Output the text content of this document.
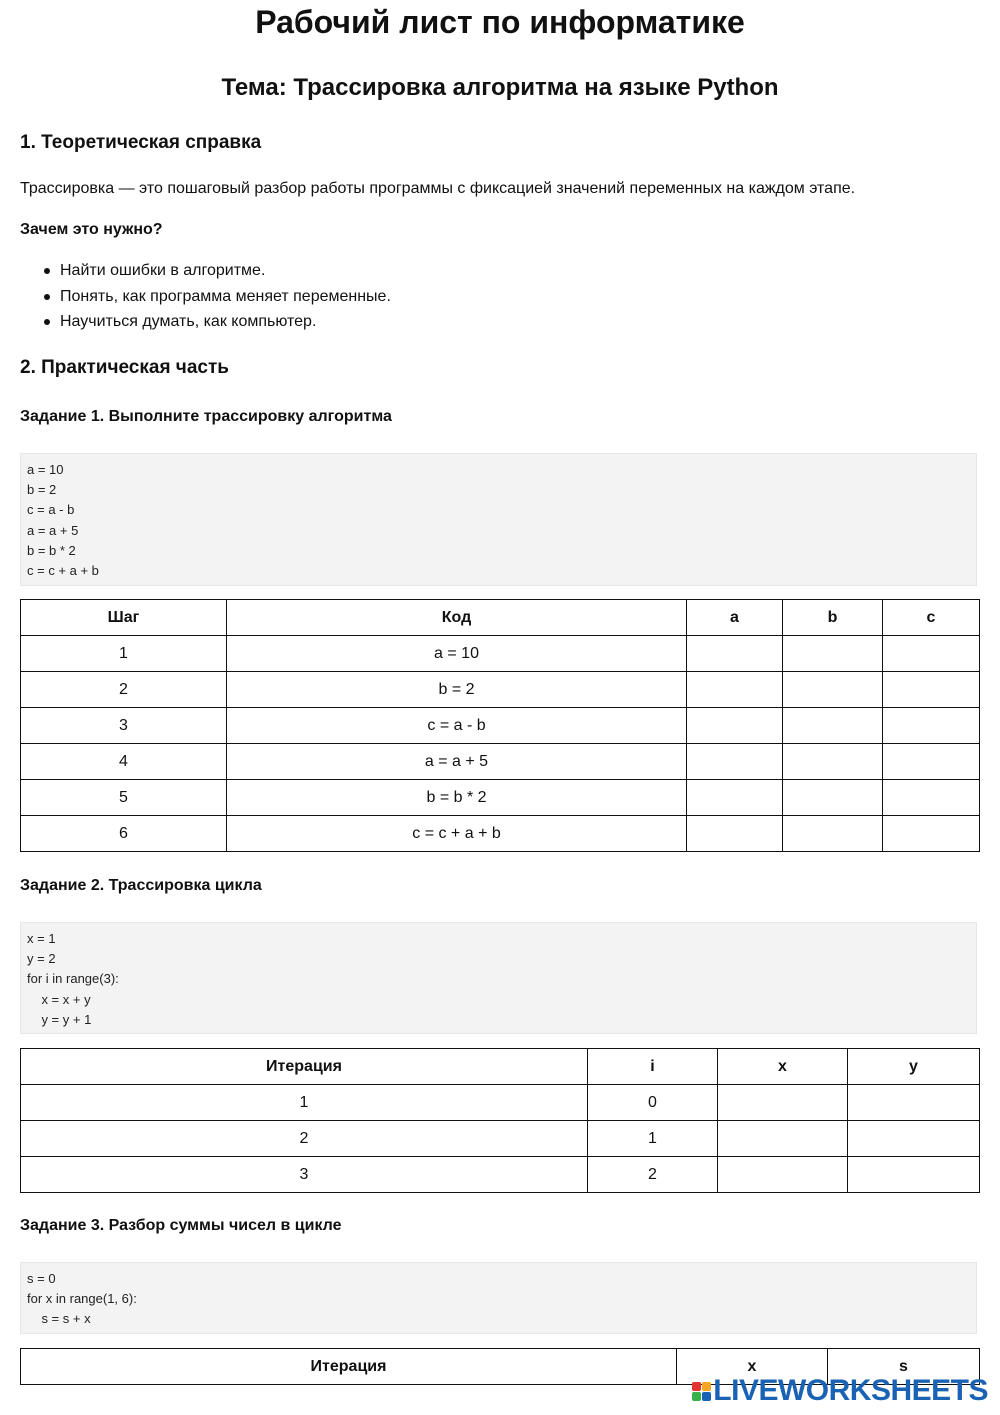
Рабочий лист по информатике
Тема: Трассировка алгоритма на языке Python
1. Теоретическая справка
Трассировка — это пошаговый разбор работы программы с фиксацией значений переменных на каждом этапе.
Зачем это нужно?
Найти ошибки в алгоритме.
Понять, как программа меняет переменные.
Научиться думать, как компьютер.
2. Практическая часть
Задание 1. Выполните трассировку алгоритма
a = 10
b = 2
c = a - b
a = a + 5
b = b * 2
c = c + a + b
Шаг	Код	a	b	c
1	a = 10			
2	b = 2			
3	c = a - b			
4	a = a + 5			
5	b = b * 2			
6	c = c + a + b			
Задание 2. Трассировка цикла
x = 1
y = 2
for i in range(3):
x = x + y
y = y + 1
Итерация	i	x	y
1	0		
2	1		
3	2		
Задание 3. Разбор суммы чисел в цикле
s = 0
for x in range(1, 6):
s = s + x
Итерация	x	s
LIVEWORKSHEETS
